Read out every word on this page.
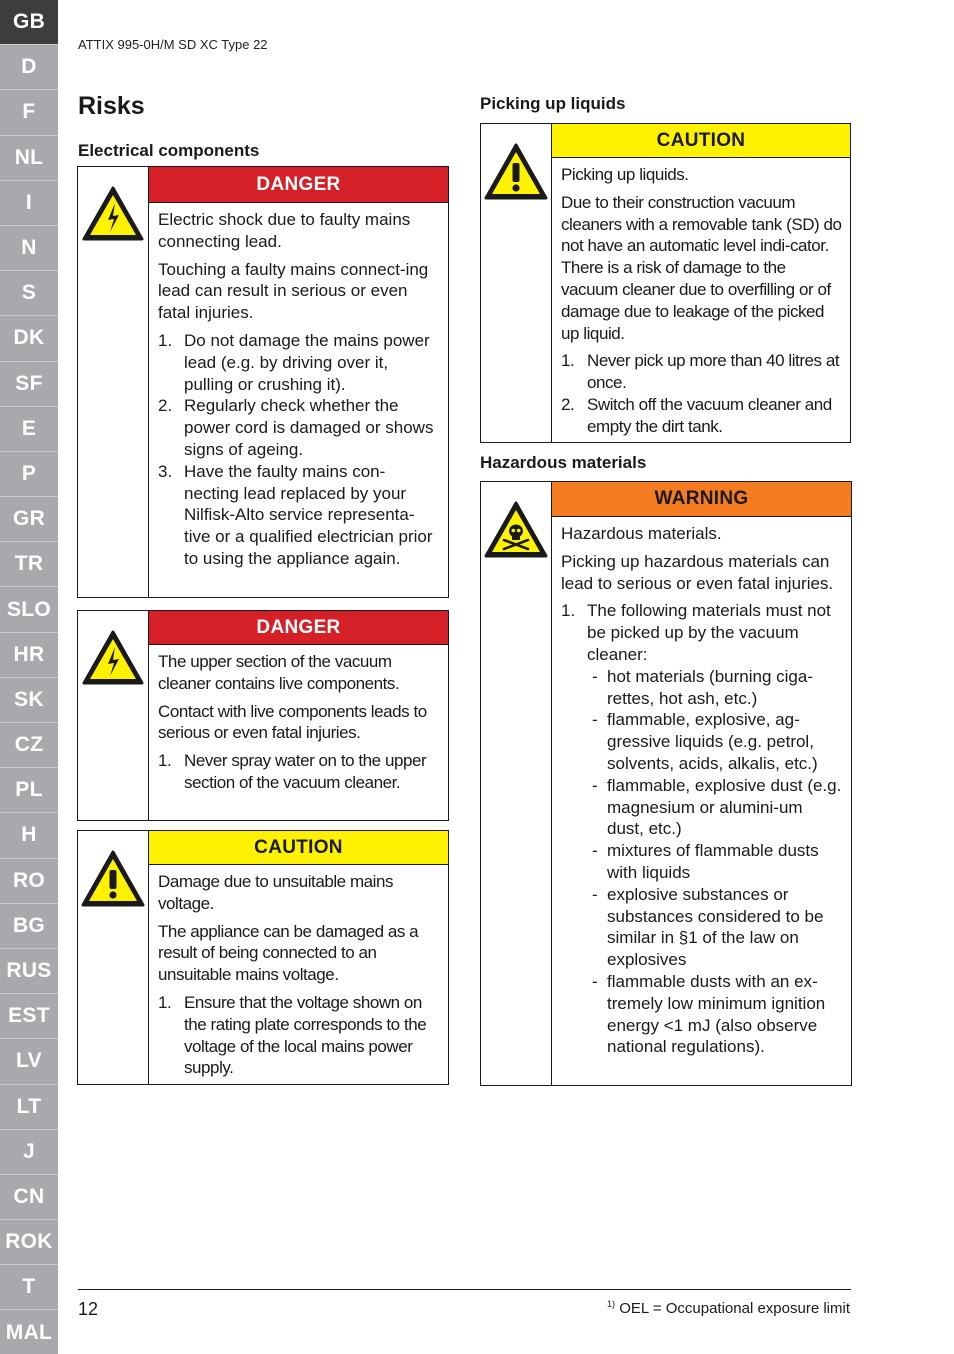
GB
D
F
NL
I
N
S
DK
SF
E
P
GR
TR
SLO
HR
SK
CZ
PL
H
RO
BG
RUS
EST
LV
LT
J
CN
ROK
T
MAL
ATTIX 995-0H/M SD XC Type 22
Risks
Electrical components
Picking up liquids
Hazardous materials
DANGER

Electric shock due to faulty mains connecting lead.

Touching a faulty mains connect-ing lead can result in serious or even fatal injuries.

1. Do not damage the mains power lead (e.g. by driving over it, pulling or crushing it).
2. Regularly check whether the power cord is damaged or shows signs of ageing.
3. Have the faulty mains con-necting lead replaced by your Nilfisk-Alto service representa-tive or a qualified electrician prior to using the appliance again.
DANGER

The upper section of the vacuum cleaner contains live components.

Contact with live components leads to serious or even fatal injuries.

1. Never spray water on to the upper section of the vacuum cleaner.
CAUTION

Damage due to unsuitable mains voltage.

The appliance can be damaged as a result of being connected to an unsuitable mains voltage.

1. Ensure that the voltage shown on the rating plate corresponds to the voltage of the local mains power supply.
CAUTION

Picking up liquids.

Due to their construction vacuum cleaners with a removable tank (SD) do not have an automatic level indi-cator. There is a risk of damage to the vacuum cleaner due to overfilling or of damage due to leakage of the picked up liquid.

1. Never pick up more than 40 litres at once.
2. Switch off the vacuum cleaner and empty the dirt tank.
WARNING

Hazardous materials.

Picking up hazardous materials can lead to serious or even fatal injuries.

1. The following materials must not be picked up by the vacuum cleaner:
- hot materials (burning ciga-rettes, hot ash, etc.)
- flammable, explosive, ag-gressive liquids (e.g. petrol, solvents, acids, alkalis, etc.)
- flammable, explosive dust (e.g. magnesium or alumini-um dust, etc.)
- mixtures of flammable dusts with liquids
- explosive substances or substances considered to be similar in §1 of the law on explosives
- flammable dusts with an ex-tremely low minimum ignition energy <1 mJ (also observe national regulations).
12	$^{1)}$ OEL = Occupational exposure limit
